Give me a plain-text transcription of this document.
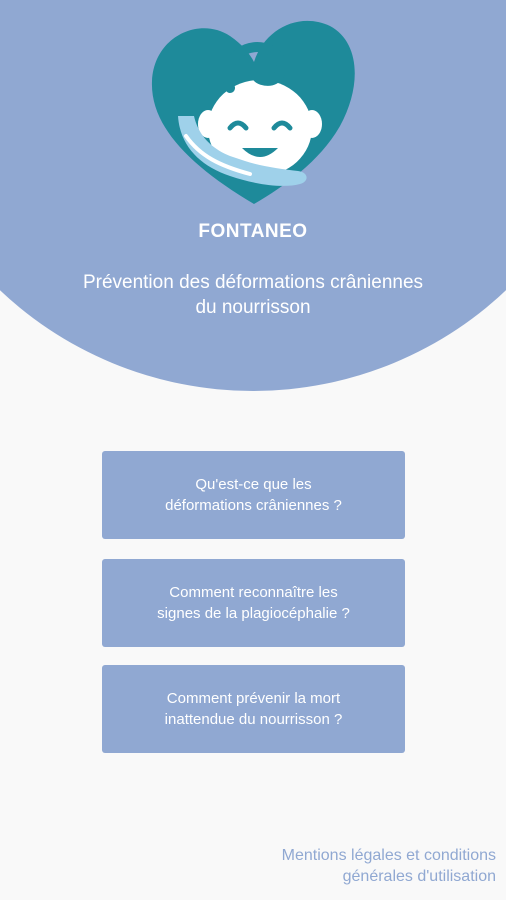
FONTANEO
Prévention des déformations crâniennes
du nourrisson
Qu'est-ce que les
déformations crâniennes ?
Comment reconnaître les
signes de la plagiocéphalie ?
Comment prévenir la mort
inattendue du nourrisson ?
Mentions légales et conditions
générales d'utilisation
